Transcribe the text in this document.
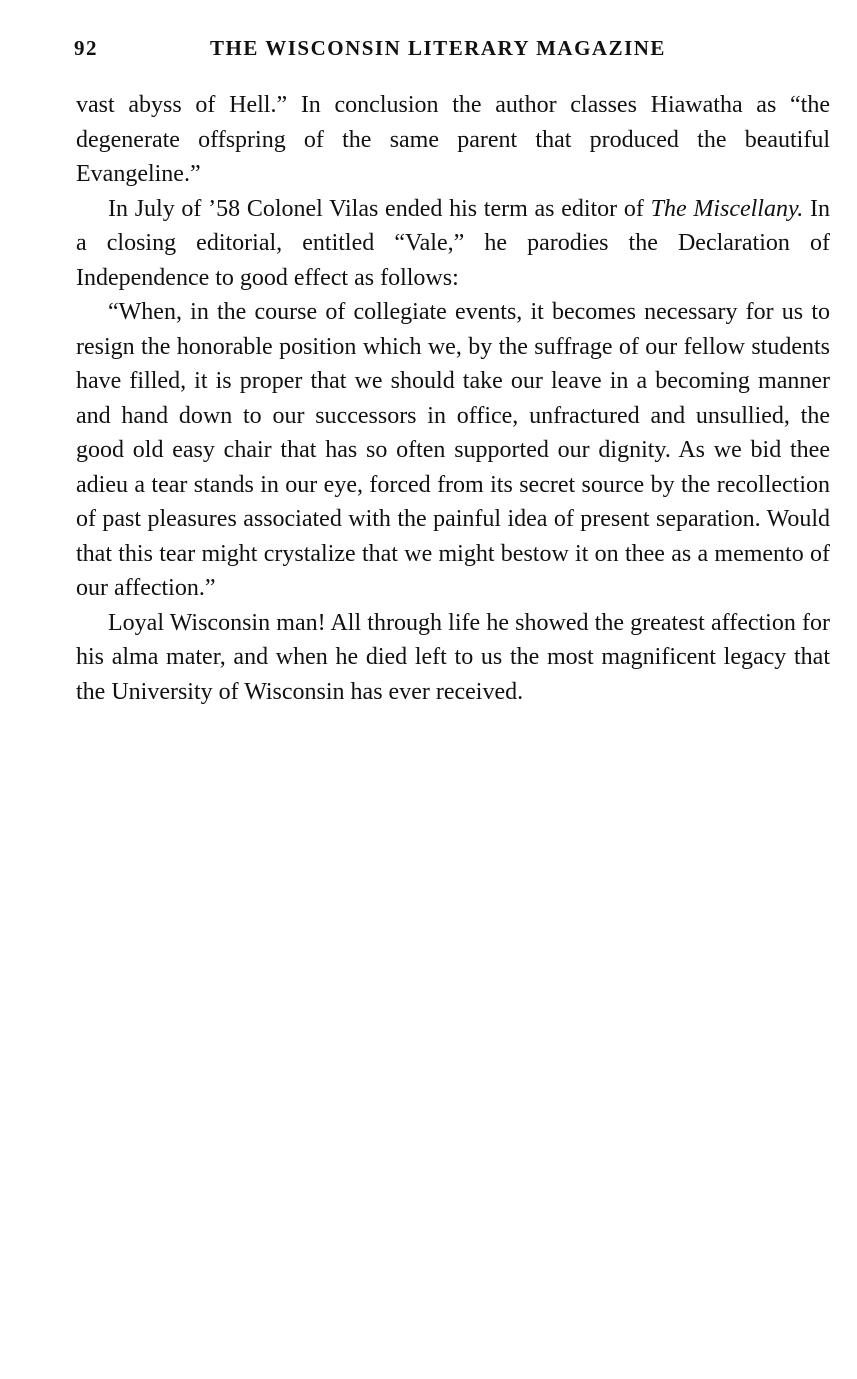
92	THE WISCONSIN LITERARY MAGAZINE

vast abyss of Hell.” In conclusion the author classes Hiawatha as “the degenerate offspring of the same parent that produced the beautiful Evangeline.”

In July of ’58 Colonel Vilas ended his term as editor of The Miscellany. In a closing editorial, entitled “Vale,” he parodies the Declaration of Independence to good effect as follows:

“When, in the course of collegiate events, it becomes necessary for us to resign the honorable position which we, by the suffrage of our fellow students have filled, it is proper that we should take our leave in a becoming manner and hand down to our successors in office, unfractured and unsullied, the good old easy chair that has so often supported our dignity. As we bid thee adieu a tear stands in our eye, forced from its secret source by the recollection of past pleasures associated with the painful idea of present separation. Would that this tear might crystalize that we might bestow it on thee as a memento of our affection.”

Loyal Wisconsin man! All through life he showed the greatest affection for his alma mater, and when he died left to us the most magnificent legacy that the University of Wisconsin has ever received.
